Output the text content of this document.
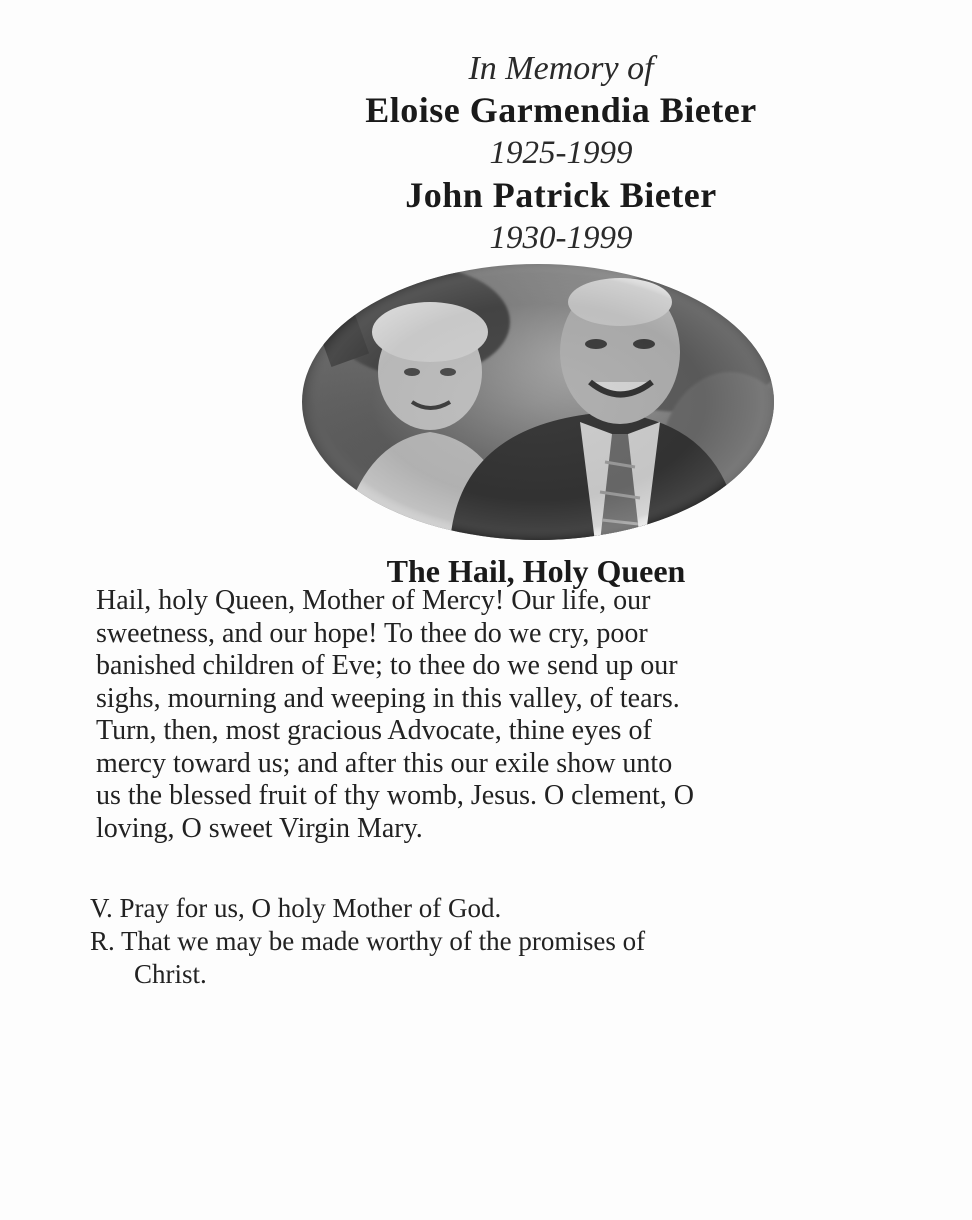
In Memory of
Eloise Garmendia Bieter
1925-1999
John Patrick Bieter
1930-1999
The Hail, Holy Queen
Hail, holy Queen, Mother of Mercy! Our life, our
sweetness, and our hope! To thee do we cry, poor
banished children of Eve; to thee do we send up our
sighs, mourning and weeping in this valley, of tears.
Turn, then, most gracious Advocate, thine eyes of
mercy toward us; and after this our exile show unto
us the blessed fruit of thy womb, Jesus. O clement, O
loving, O sweet Virgin Mary.
V. Pray for us, O holy Mother of God.
R. That we may be made worthy of the promises of
Christ.
